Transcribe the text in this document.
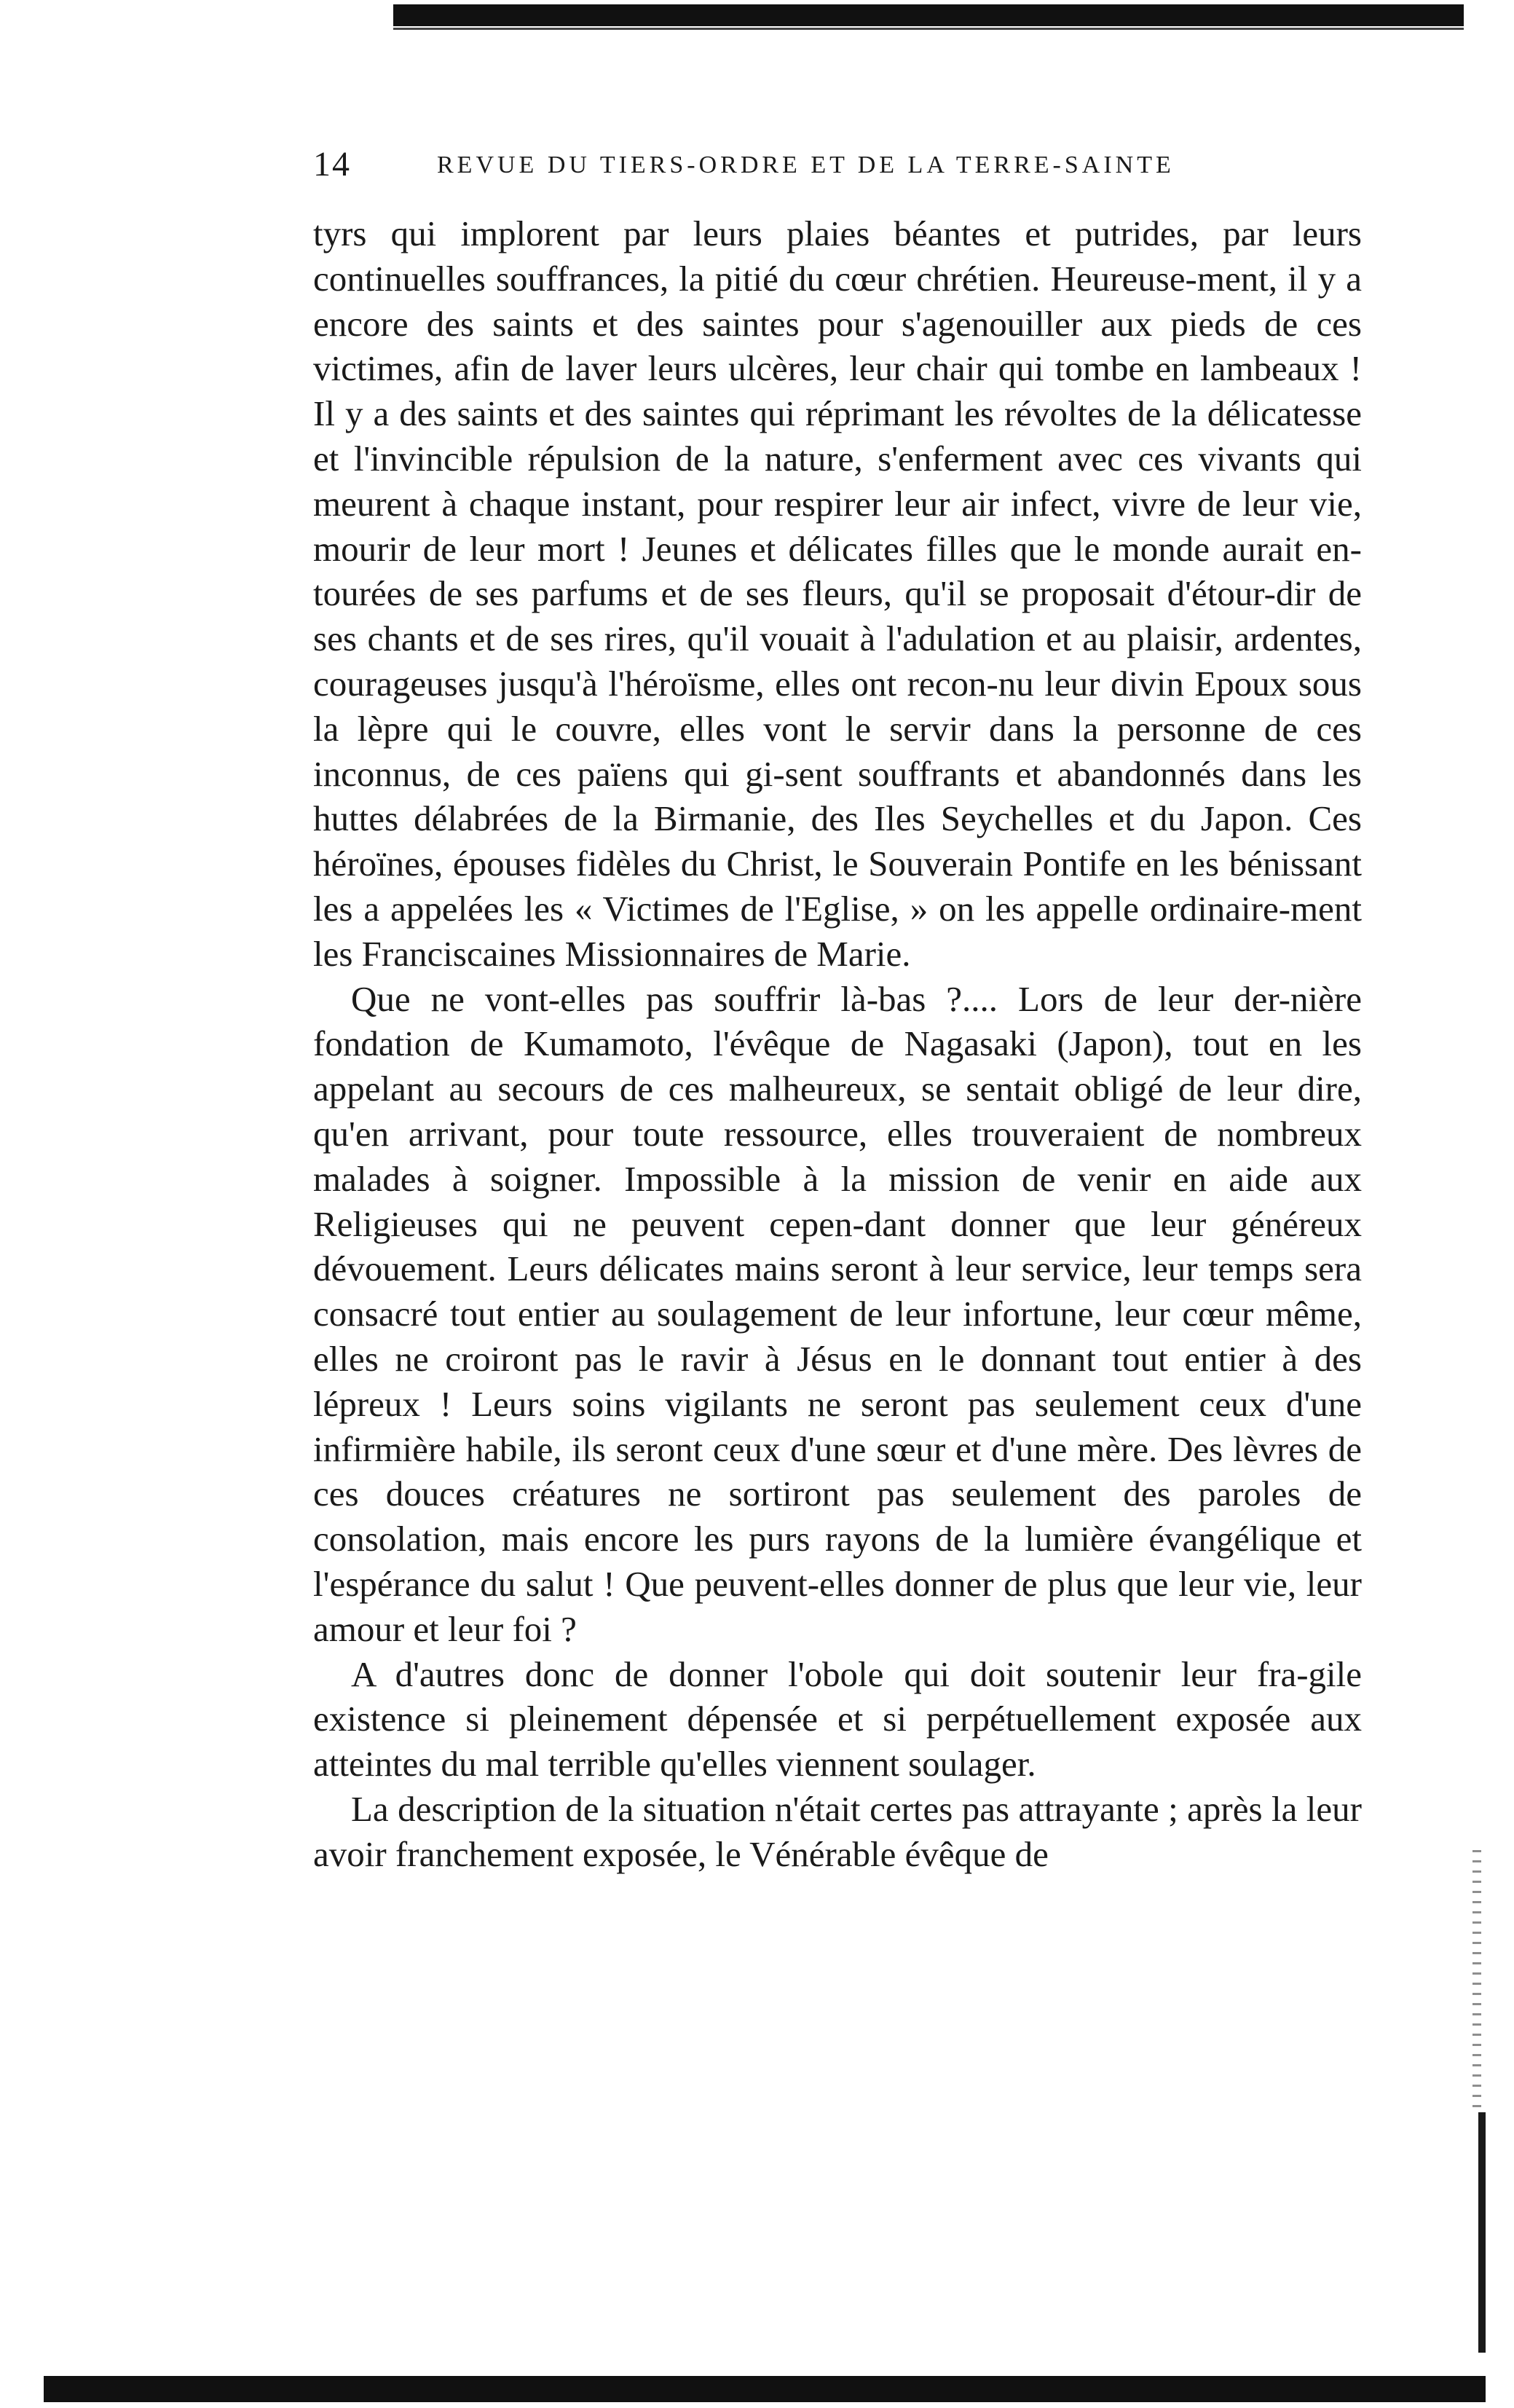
14	REVUE DU TIERS-ORDRE ET DE LA TERRE-SAINTE

tyrs qui implorent par leurs plaies béantes et putrides, par leurs continuelles souffrances, la pitié du cœur chrétien. Heureuse-ment, il y a encore des saints et des saintes pour s'agenouiller aux pieds de ces victimes, afin de laver leurs ulcères, leur chair qui tombe en lambeaux ! Il y a des saints et des saintes qui réprimant les révoltes de la délicatesse et l'invincible répulsion de la nature, s'enferment avec ces vivants qui meurent à chaque instant, pour respirer leur air infect, vivre de leur vie, mourir de leur mort ! Jeunes et délicates filles que le monde aurait en-tourées de ses parfums et de ses fleurs, qu'il se proposait d'étour-dir de ses chants et de ses rires, qu'il vouait à l'adulation et au plaisir, ardentes, courageuses jusqu'à l'héroïsme, elles ont recon-nu leur divin Epoux sous la lèpre qui le couvre, elles vont le servir dans la personne de ces inconnus, de ces païens qui gi-sent souffrants et abandonnés dans les huttes délabrées de la Birmanie, des Iles Seychelles et du Japon. Ces héroïnes, épouses fidèles du Christ, le Souverain Pontife en les bénissant les a appelées les « Victimes de l'Eglise, » on les appelle ordinaire-ment les Franciscaines Missionnaires de Marie.

Que ne vont-elles pas souffrir là-bas ?.... Lors de leur der-nière fondation de Kumamoto, l'évêque de Nagasaki (Japon), tout en les appelant au secours de ces malheureux, se sentait obligé de leur dire, qu'en arrivant, pour toute ressource, elles trouveraient de nombreux malades à soigner. Impossible à la mission de venir en aide aux Religieuses qui ne peuvent cepen-dant donner que leur généreux dévouement. Leurs délicates mains seront à leur service, leur temps sera consacré tout entier au soulagement de leur infortune, leur cœur même, elles ne croiront pas le ravir à Jésus en le donnant tout entier à des lépreux ! Leurs soins vigilants ne seront pas seulement ceux d'une infirmière habile, ils seront ceux d'une sœur et d'une mère. Des lèvres de ces douces créatures ne sortiront pas seulement des paroles de consolation, mais encore les purs rayons de la lumière évangélique et l'espérance du salut ! Que peuvent-elles donner de plus que leur vie, leur amour et leur foi ?

A d'autres donc de donner l'obole qui doit soutenir leur fra-gile existence si pleinement dépensée et si perpétuellement exposée aux atteintes du mal terrible qu'elles viennent soulager.

La description de la situation n'était certes pas attrayante ; après la leur avoir franchement exposée, le Vénérable évêque de
